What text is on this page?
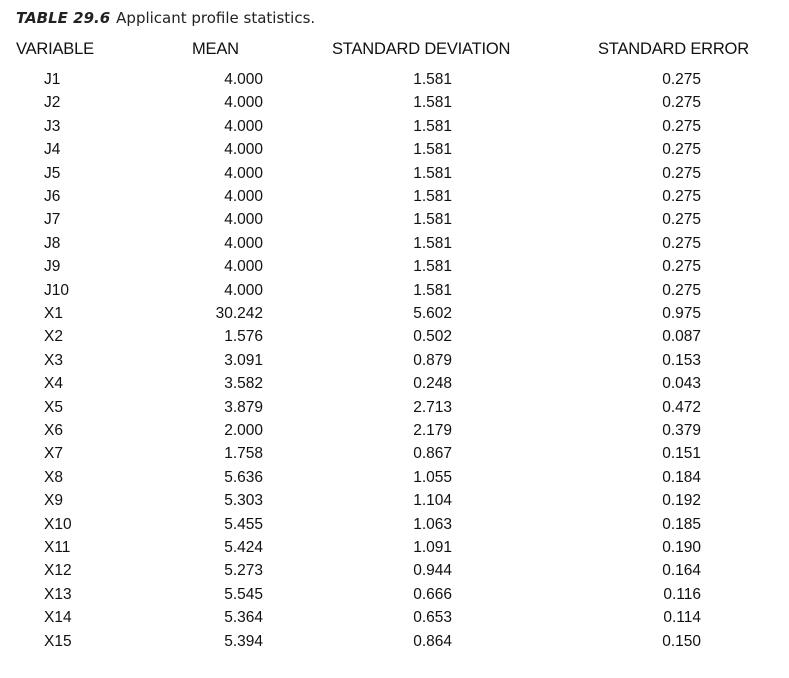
TABLE 29.6 Applicant profile statistics.
VARIABLE	MEAN	STANDARD DEVIATION	STANDARD ERROR
J1	4.000	1.581	0.275
J2	4.000	1.581	0.275
J3	4.000	1.581	0.275
J4	4.000	1.581	0.275
J5	4.000	1.581	0.275
J6	4.000	1.581	0.275
J7	4.000	1.581	0.275
J8	4.000	1.581	0.275
J9	4.000	1.581	0.275
J10	4.000	1.581	0.275
X1	30.242	5.602	0.975
X2	1.576	0.502	0.087
X3	3.091	0.879	0.153
X4	3.582	0.248	0.043
X5	3.879	2.713	0.472
X6	2.000	2.179	0.379
X7	1.758	0.867	0.151
X8	5.636	1.055	0.184
X9	5.303	1.104	0.192
X10	5.455	1.063	0.185
X11	5.424	1.091	0.190
X12	5.273	0.944	0.164
X13	5.545	0.666	0.116
X14	5.364	0.653	0.114
X15	5.394	0.864	0.150
